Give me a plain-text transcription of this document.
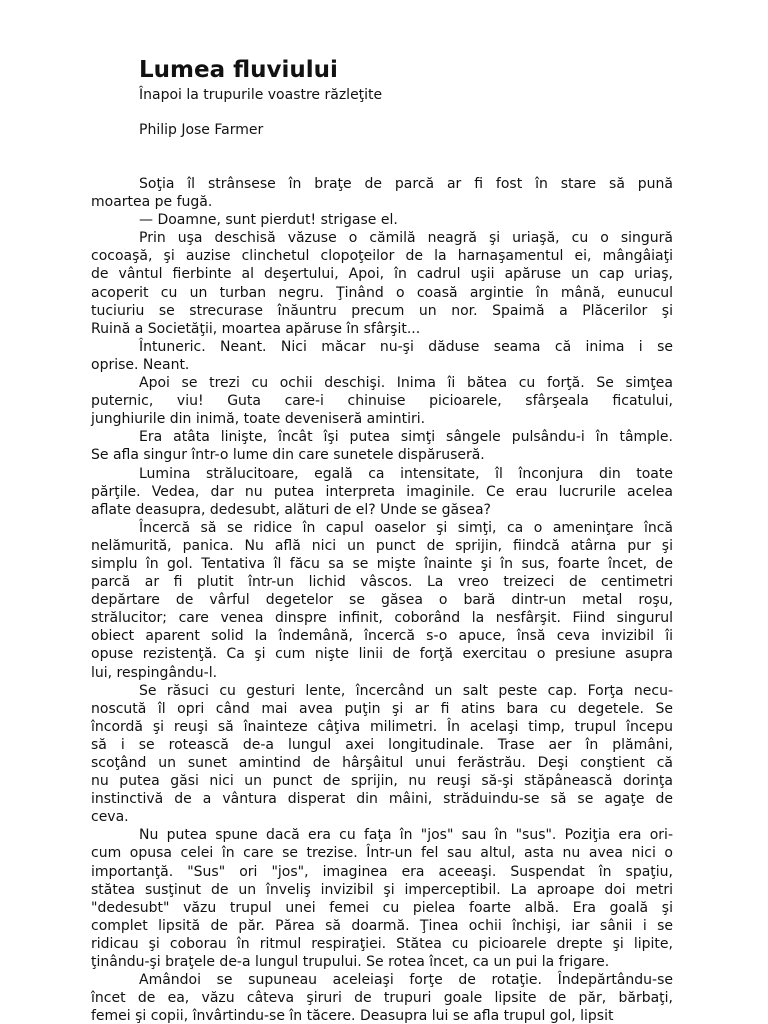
Lumea fluviului
Înapoi la trupurile voastre răzleţite
Philip Jose Farmer
Soţia îl strânsese în braţe de parcă ar fi fost în stare să pună
moartea pe fugă.
— Doamne, sunt pierdut! strigase el.
Prin uşa deschisă văzuse o cămilă neagră şi uriaşă, cu o singură
cocoaşă, şi auzise clinchetul clopoţeilor de la harnaşamentul ei, mângâiaţi
de vântul fierbinte al deşertului, Apoi, în cadrul uşii apăruse un cap uriaş,
acoperit cu un turban negru. Ţinând o coasă argintie în mână, eunucul
tuciuriu se strecurase înăuntru precum un nor. Spaimă a Plăcerilor şi
Ruină a Societăţii, moartea apăruse în sfârşit...
Întuneric. Neant. Nici măcar nu-şi dăduse seama că inima i se
oprise. Neant.
Apoi se trezi cu ochii deschişi. Inima îi bătea cu forţă. Se simţea
puternic, viu! Guta care-i chinuise picioarele, sfârşeala ficatului,
junghiurile din inimă, toate deveniseră amintiri.
Era atâta linişte, încât îşi putea simţi sângele pulsându-i în tâmple.
Se afla singur într-o lume din care sunetele dispăruseră.
Lumina strălucitoare, egală ca intensitate, îl înconjura din toate
părţile. Vedea, dar nu putea interpreta imaginile. Ce erau lucrurile acelea
aflate deasupra, dedesubt, alături de el? Unde se găsea?
Încercă să se ridice în capul oaselor şi simţi, ca o ameninţare încă
nelămurită, panica. Nu află nici un punct de sprijin, fiindcă atârna pur şi
simplu în gol. Tentativa îl făcu sa se mişte înainte şi în sus, foarte încet, de
parcă ar fi plutit într-un lichid vâscos. La vreo treizeci de centimetri
depărtare de vârful degetelor se găsea o bară dintr-un metal roşu,
strălucitor; care venea dinspre infinit, coborând la nesfârşit. Fiind singurul
obiect aparent solid la îndemână, încercă s-o apuce, însă ceva invizibil îi
opuse rezistenţă. Ca şi cum nişte linii de forţă exercitau o presiune asupra
lui, respingându-l.
Se răsuci cu gesturi lente, încercând un salt peste cap. Forţa necu-
noscută îl opri când mai avea puţin şi ar fi atins bara cu degetele. Se
încordă şi reuşi să înainteze câţiva milimetri. În acelaşi timp, trupul începu
să i se rotească de-a lungul axei longitudinale. Trase aer în plămâni,
scoţând un sunet amintind de hârşâitul unui ferăstrău. Deşi conştient că
nu putea găsi nici un punct de sprijin, nu reuşi să-şi stăpânească dorinţa
instinctivă de a vântura disperat din mâini, străduindu-se să se agaţe de
ceva.
Nu putea spune dacă era cu faţa în "jos" sau în "sus". Poziţia era ori-
cum opusa celei în care se trezise. Într-un fel sau altul, asta nu avea nici o
importanţă. "Sus" ori "jos", imaginea era aceeaşi. Suspendat în spaţiu,
stătea susţinut de un înveliş invizibil şi imperceptibil. La aproape doi metri
"dedesubt" văzu trupul unei femei cu pielea foarte albă. Era goală şi
complet lipsită de păr. Părea să doarmă. Ţinea ochii închişi, iar sânii i se
ridicau şi coborau în ritmul respiraţiei. Stătea cu picioarele drepte şi lipite,
ţinându-şi braţele de-a lungul trupului. Se rotea încet, ca un pui la frigare.
Amândoi se supuneau aceleiaşi forţe de rotaţie. Îndepărtându-se
încet de ea, văzu câteva şiruri de trupuri goale lipsite de păr, bărbaţi,
femei şi copii, învârtindu-se în tăcere. Deasupra lui se afla trupul gol, lipsit
